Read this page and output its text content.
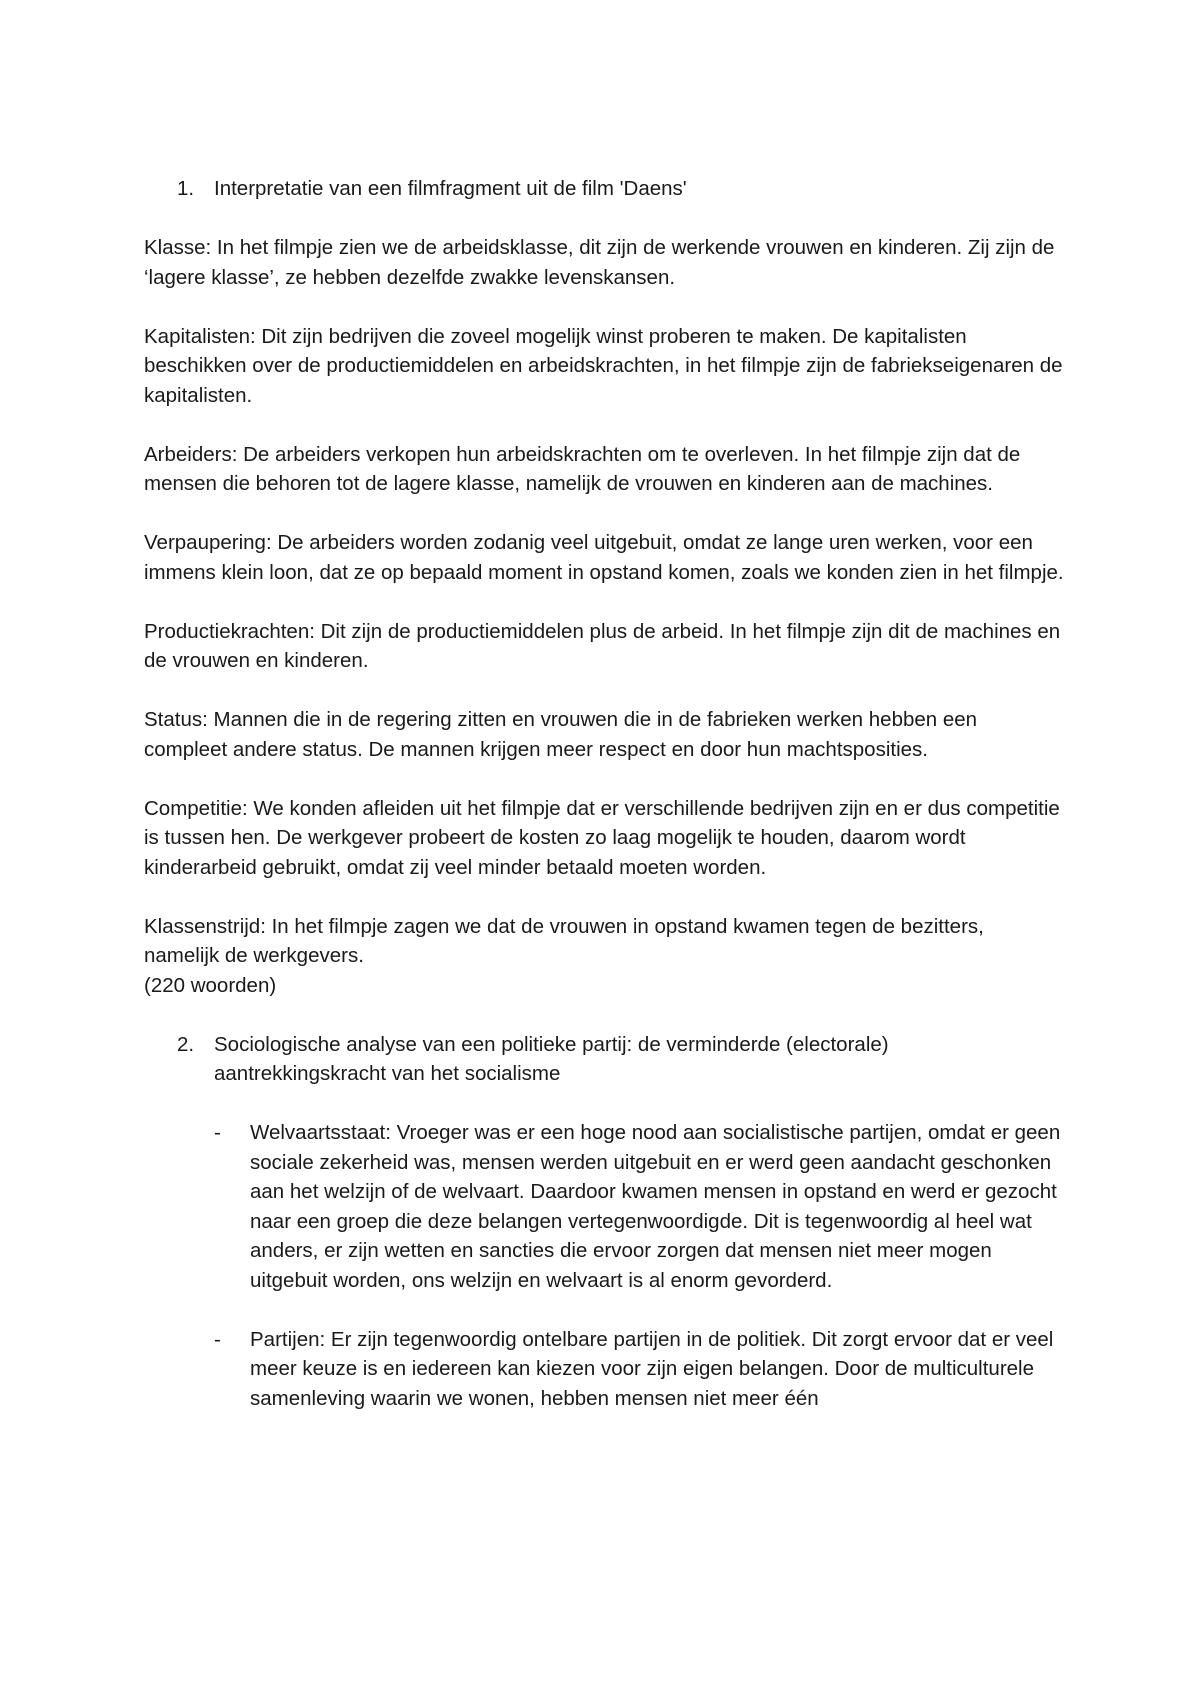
1. Interpretatie van een filmfragment uit de film 'Daens'

Klasse: In het filmpje zien we de arbeidsklasse, dit zijn de werkende vrouwen en kinderen. Zij zijn de ‘lagere klasse’, ze hebben dezelfde zwakke levenskansen.

Kapitalisten: Dit zijn bedrijven die zoveel mogelijk winst proberen te maken. De kapitalisten beschikken over de productiemiddelen en arbeidskrachten, in het filmpje zijn de fabriekseigenaren de kapitalisten.

Arbeiders: De arbeiders verkopen hun arbeidskrachten om te overleven. In het filmpje zijn dat de mensen die behoren tot de lagere klasse, namelijk de vrouwen en kinderen aan de machines.

Verpaupering: De arbeiders worden zodanig veel uitgebuit, omdat ze lange uren werken, voor een immens klein loon, dat ze op bepaald moment in opstand komen, zoals we konden zien in het filmpje.

Productiekrachten: Dit zijn de productiemiddelen plus de arbeid. In het filmpje zijn dit de machines en de vrouwen en kinderen.

Status: Mannen die in de regering zitten en vrouwen die in de fabrieken werken hebben een compleet andere status. De mannen krijgen meer respect en door hun machtsposities.

Competitie: We konden afleiden uit het filmpje dat er verschillende bedrijven zijn en er dus competitie is tussen hen. De werkgever probeert de kosten zo laag mogelijk te houden, daarom wordt kinderarbeid gebruikt, omdat zij veel minder betaald moeten worden.

Klassenstrijd: In het filmpje zagen we dat de vrouwen in opstand kwamen tegen de bezitters, namelijk de werkgevers.

(220 woorden)
2. Sociologische analyse van een politieke partij: de verminderde (electorale) aantrekkingskracht van het socialisme
-	Welvaartsstaat: Vroeger was er een hoge nood aan socialistische partijen, omdat er geen sociale zekerheid was, mensen werden uitgebuit en er werd geen aandacht geschonken aan het welzijn of de welvaart. Daardoor kwamen mensen in opstand en werd er gezocht naar een groep die deze belangen vertegenwoordigde. Dit is tegenwoordig al heel wat anders, er zijn wetten en sancties die ervoor zorgen dat mensen niet meer mogen uitgebuit worden, ons welzijn en welvaart is al enorm gevorderd.
-	Partijen: Er zijn tegenwoordig ontelbare partijen in de politiek. Dit zorgt ervoor dat er veel meer keuze is en iedereen kan kiezen voor zijn eigen belangen. Door de multiculturele samenleving waarin we wonen, hebben mensen niet meer één
